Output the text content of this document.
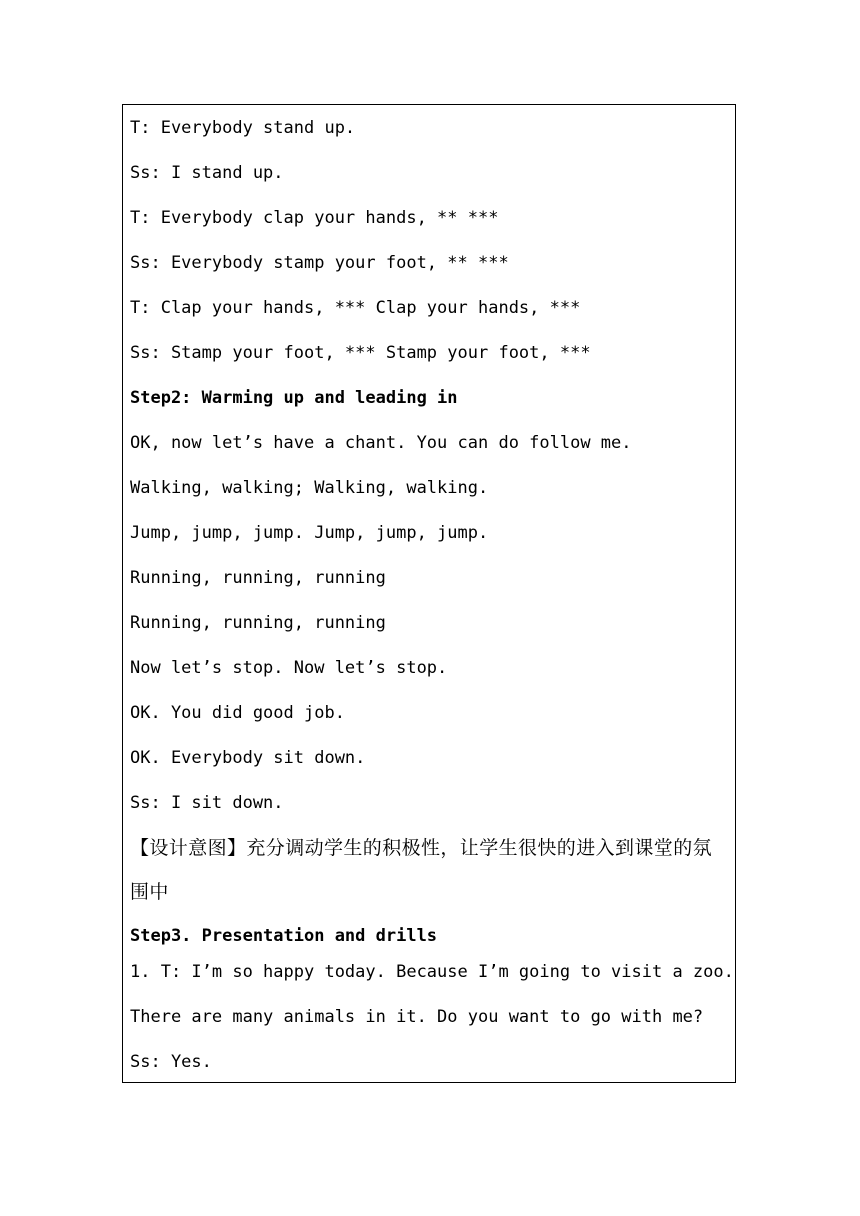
T: Everybody stand up.
Ss: I stand up.
T: Everybody clap your hands, ** ***
Ss: Everybody stamp your foot, ** ***
T: Clap your hands, *** Clap your hands, ***
Ss: Stamp your foot, *** Stamp your foot, ***
Step2: Warming up and leading in
OK, now let’s have a chant. You can do follow me.
Walking, walking; Walking, walking.
Jump, jump, jump. Jump, jump, jump.
Running, running, running
Running, running, running
Now let’s stop. Now let’s stop.
OK. You did good job.
OK. Everybody sit down.
Ss: I sit down.
【设计意图】充分调动学生的积极性，让学生很快的进入到课堂的氛
围中
Step3. Presentation and drills
1. T: I’m so happy today. Because I’m going to visit a zoo.
There are many animals in it. Do you want to go with me?
Ss: Yes.
